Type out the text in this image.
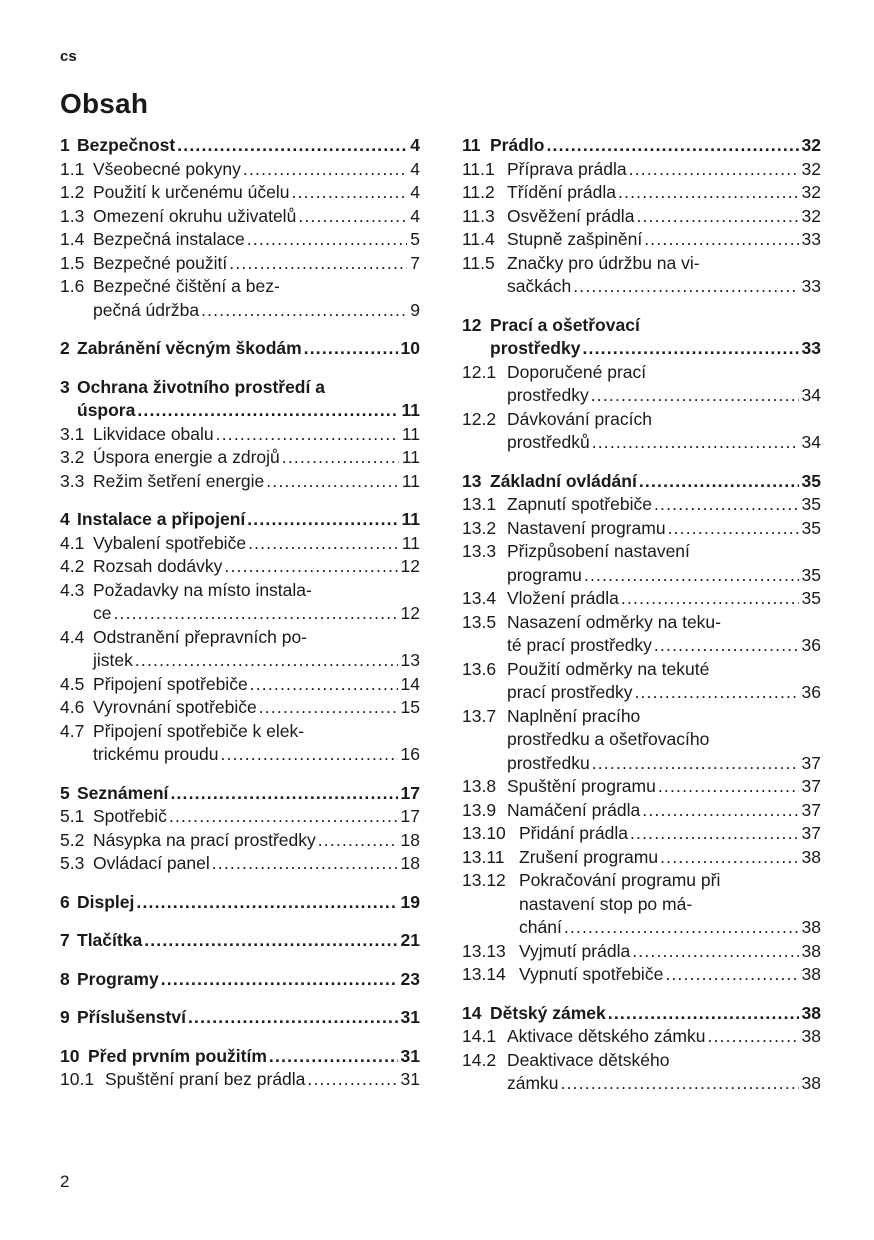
cs
Obsah
1 Bezpečnost .....	4
1.1 Všeobecné pokyny .....	4
1.2 Použití k určenému účelu .....	4
1.3 Omezení okruhu uživatelů .....	4
1.4 Bezpečná instalace .....	5
1.5 Bezpečné použití .....	7
1.6 Bezpečné čištění a bez-
pečná údržba .....	9
2 Zabránění věcným škodám .....	10
3 Ochrana životního prostředí a
úspora .....	11
3.1 Likvidace obalu .....	11
3.2 Úspora energie a zdrojů .....	11
3.3 Režim šetření energie .....	11
4 Instalace a připojení .....	11
4.1 Vybalení spotřebiče .....	11
4.2 Rozsah dodávky .....	12
4.3 Požadavky na místo instala-
ce .....	12
4.4 Odstranění přepravních po-
jistek .....	13
4.5 Připojení spotřebiče .....	14
4.6 Vyrovnání spotřebiče .....	15
4.7 Připojení spotřebiče k elek-
trickému proudu .....	16
5 Seznámení .....	17
5.1 Spotřebič .....	17
5.2 Násypka na prací prostředky .....	18
5.3 Ovládací panel .....	18
6 Displej .....	19
7 Tlačítka .....	21
8 Programy .....	23
9 Příslušenství .....	31
10 Před prvním použitím .....	31
10.1 Spuštění praní bez prádla .....	31
11 Prádlo .....	32
11.1 Příprava prádla .....	32
11.2 Třídění prádla .....	32
11.3 Osvěžení prádla .....	32
11.4 Stupně zašpinění .....	33
11.5 Značky pro údržbu na vi-
sačkách .....	33
12 Prací a ošetřovací
prostředky .....	33
12.1 Doporučené prací
prostředky .....	34
12.2 Dávkování pracích
prostředků .....	34
13 Základní ovládání .....	35
13.1 Zapnutí spotřebiče .....	35
13.2 Nastavení programu .....	35
13.3 Přizpůsobení nastavení
programu .....	35
13.4 Vložení prádla .....	35
13.5 Nasazení odměrky na teku-
té prací prostředky .....	36
13.6 Použití odměrky na tekuté
prací prostředky .....	36
13.7 Naplnění pracího
prostředku a ošetřovacího
prostředku .....	37
13.8 Spuštění programu .....	37
13.9 Namáčení prádla .....	37
13.10 Přidání prádla .....	37
13.11 Zrušení programu .....	38
13.12 Pokračování programu při
nastavení stop po má-
chání .....	38
13.13 Vyjmutí prádla .....	38
13.14 Vypnutí spotřebiče .....	38
14 Dětský zámek .....	38
14.1 Aktivace dětského zámku .....	38
14.2 Deaktivace dětského
zámku .....	38
2
